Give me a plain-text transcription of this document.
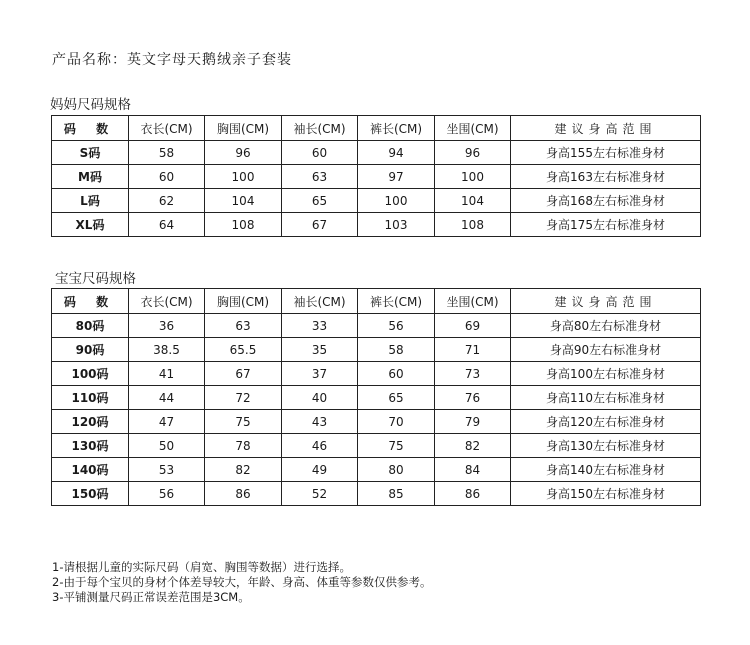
产品名称：英文字母天鹅绒亲子套装
妈妈尺码规格
码 数	衣长(CM)	胸围(CM)	袖长(CM)	裤长(CM)	坐围(CM)	建议身高范围
S码	58	96	60	94	96	身高155左右标准身材
M码	60	100	63	97	100	身高163左右标准身材
L码	62	104	65	100	104	身高168左右标准身材
XL码	64	108	67	103	108	身高175左右标准身材
宝宝尺码规格
码 数	衣长(CM)	胸围(CM)	袖长(CM)	裤长(CM)	坐围(CM)	建议身高范围
80码	36	63	33	56	69	身高80左右标准身材
90码	38.5	65.5	35	58	71	身高90左右标准身材
100码	41	67	37	60	73	身高100左右标准身材
110码	44	72	40	65	76	身高110左右标准身材
120码	47	75	43	70	79	身高120左右标准身材
130码	50	78	46	75	82	身高130左右标准身材
140码	53	82	49	80	84	身高140左右标准身材
150码	56	86	52	85	86	身高150左右标准身材
1-请根据儿童的实际尺码（肩宽、胸围等数据）进行选择。
2-由于每个宝贝的身材个体差导较大，年龄、身高、体重等参数仅供参考。
3-平铺测量尺码正常误差范围是3CM。
